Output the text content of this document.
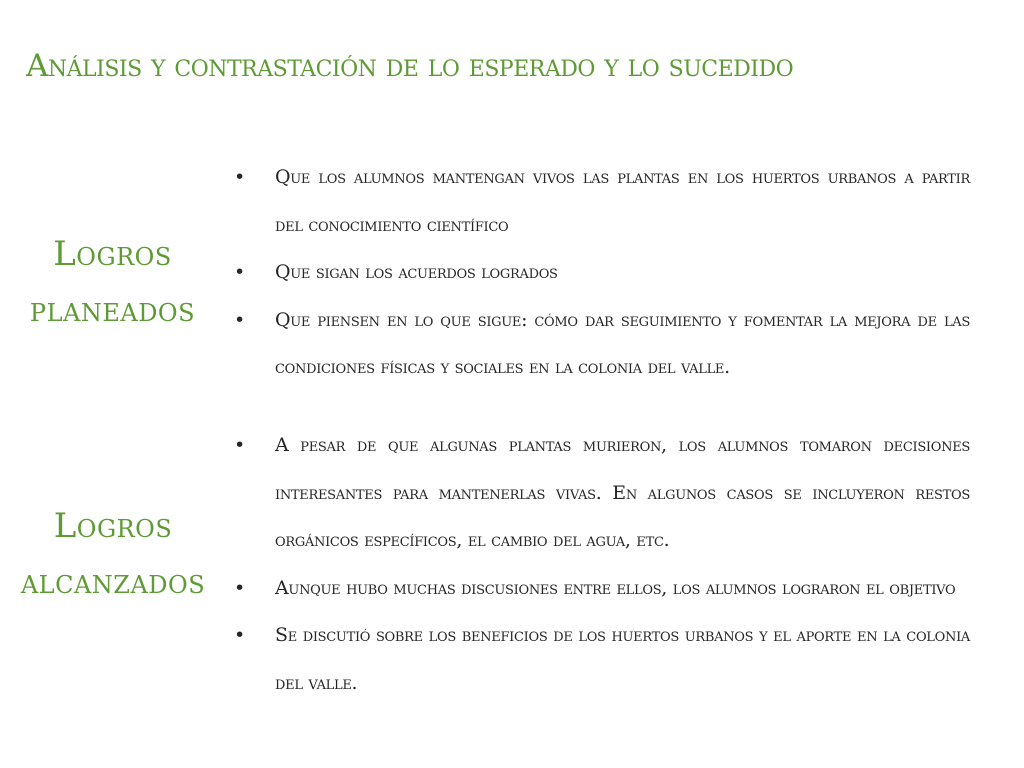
Análisis y contrastación de lo esperado y lo sucedido
Logros
planeados
• Que los alumnos mantengan vivos las plantas en los huertos urbanos a partir del conocimiento científico
• Que sigan los acuerdos logrados
• Que piensen en lo que sigue: cómo dar seguimiento y fomentar la mejora de las condiciones físicas y sociales en la colonia del valle.
Logros
alcanzados
• A pesar de que algunas plantas murieron, los alumnos tomaron decisiones interesantes para mantenerlas vivas. En algunos casos se incluyeron restos orgánicos específicos, el cambio del agua, etc.
• Aunque hubo muchas discusiones entre ellos, los alumnos lograron el objetivo
• Se discutió sobre los beneficios de los huertos urbanos y el aporte en la colonia del valle.
